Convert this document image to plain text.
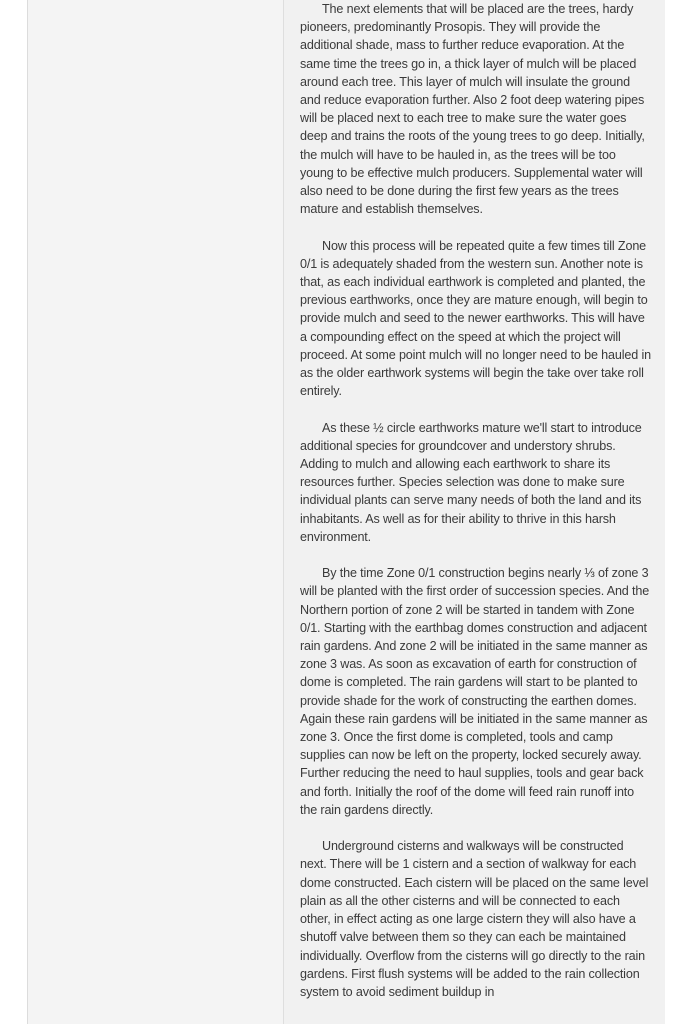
The next elements that will be placed are the trees, hardy pioneers, predominantly Prosopis. They will provide the additional shade, mass to further reduce evaporation. At the same time the trees go in, a thick layer of mulch will be placed around each tree. This layer of mulch will insulate the ground and reduce evaporation further. Also 2 foot deep watering pipes will be placed next to each tree to make sure the water goes deep and trains the roots of the young trees to go deep. Initially, the mulch will have to be hauled in, as the trees will be too young to be effective mulch producers. Supplemental water will also need to be done during the first few years as the trees mature and establish themselves.

Now this process will be repeated quite a few times till Zone 0/1 is adequately shaded from the western sun. Another note is that, as each individual earthwork is completed and planted, the previous earthworks, once they are mature enough, will begin to provide mulch and seed to the newer earthworks. This will have a compounding effect on the speed at which the project will proceed. At some point mulch will no longer need to be hauled in as the older earthwork systems will begin the take over take roll entirely.

As these ½ circle earthworks mature we'll start to introduce additional species for groundcover and understory shrubs. Adding to mulch and allowing each earthwork to share its resources further. Species selection was done to make sure individual plants can serve many needs of both the land and its inhabitants. As well as for their ability to thrive in this harsh environment.

By the time Zone 0/1 construction begins nearly ⅓ of zone 3 will be planted with the first order of succession species. And the Northern portion of zone 2 will be started in tandem with Zone 0/1. Starting with the earthbag domes construction and adjacent rain gardens. And zone 2 will be initiated in the same manner as zone 3 was. As soon as excavation of earth for construction of dome is completed. The rain gardens will start to be planted to provide shade for the work of constructing the earthen domes. Again these rain gardens will be initiated in the same manner as zone 3. Once the first dome is completed, tools and camp supplies can now be left on the property, locked securely away. Further reducing the need to haul supplies, tools and gear back and forth. Initially the roof of the dome will feed rain runoff into the rain gardens directly.

Underground cisterns and walkways will be constructed next. There will be 1 cistern and a section of walkway for each dome constructed. Each cistern will be placed on the same level plain as all the other cisterns and will be connected to each other, in effect acting as one large cistern they will also have a shutoff valve between them so they can each be maintained individually. Overflow from the cisterns will go directly to the rain gardens. First flush systems will be added to the rain collection system to avoid sediment buildup in
